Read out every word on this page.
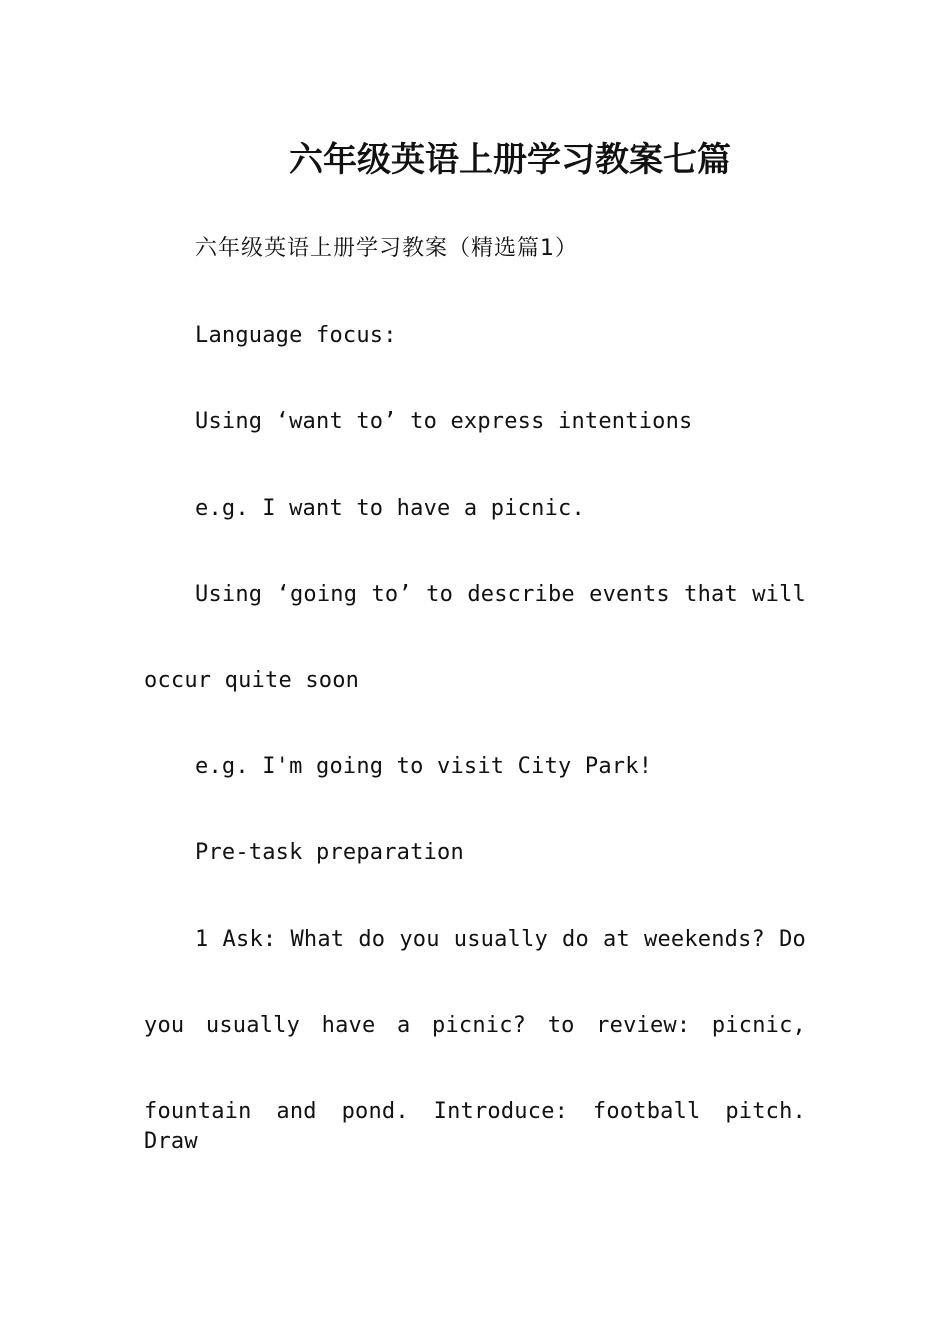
六年级英语上册学习教案七篇
六年级英语上册学习教案（精选篇1）
Language focus:
Using ‘want to’ to express intentions
e.g. I want to have a picnic.
Using ‘going to’ to describe events that will
occur quite soon
e.g. I'm going to visit City Park!
Pre-task preparation
1 Ask: What do you usually do at weekends? Do
you usually have a picnic? to review: picnic,
fountain and pond. Introduce: football pitch. Draw
